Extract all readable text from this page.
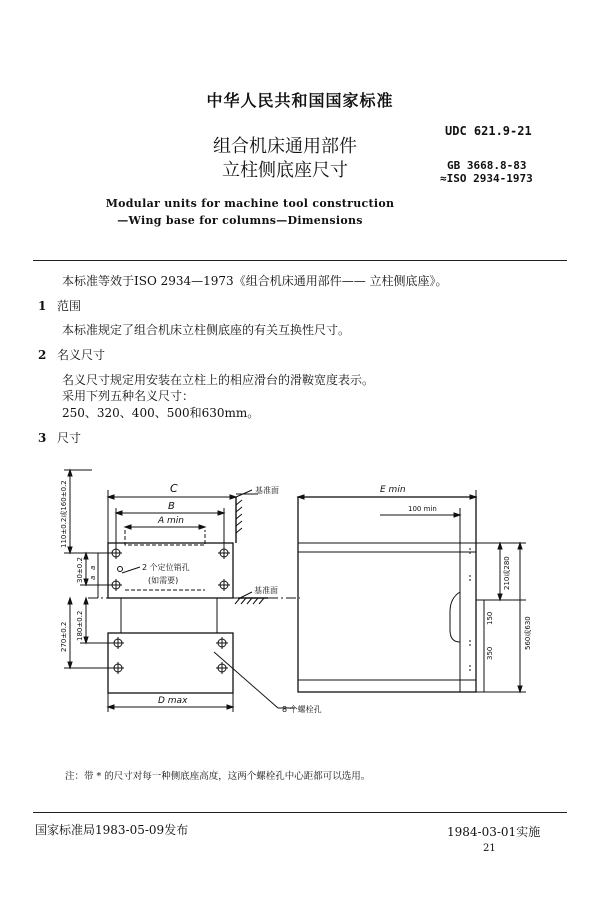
中华人民共和国国家标准
UDC 621.9-21
组合机床通用部件
立柱侧底座尺寸	GB 3668.8-83
≈ISO 2934-1973
Modular units for machine tool construction
—Wing base for columns—Dimensions
本标准等效于ISO 2934—1973《组合机床通用部件—— 立柱侧底座》。
1 范围
本标准规定了组合机床立柱侧底座的有关互换性尺寸。
2 名义尺寸
名义尺寸规定用安装在立柱上的相应滑台的滑鞍宽度表示。
采用下列五种名义尺寸：
250、320、400、500和630mm。
3 尺寸
C
B
A min
D max
E min
100 min
基准面
基准面
2 个定位销孔
(如需要)
8 个螺栓孔
110±0.2或160±0.2
30±0.2 a
a
270±0.2 180±0.2
210或280
560或630
150
350
注：带 * 的尺寸对每一种侧底座高度，这两个螺栓孔中心距都可以选用。
国家标准局1983-05-09发布	1984-03-01实施
21
